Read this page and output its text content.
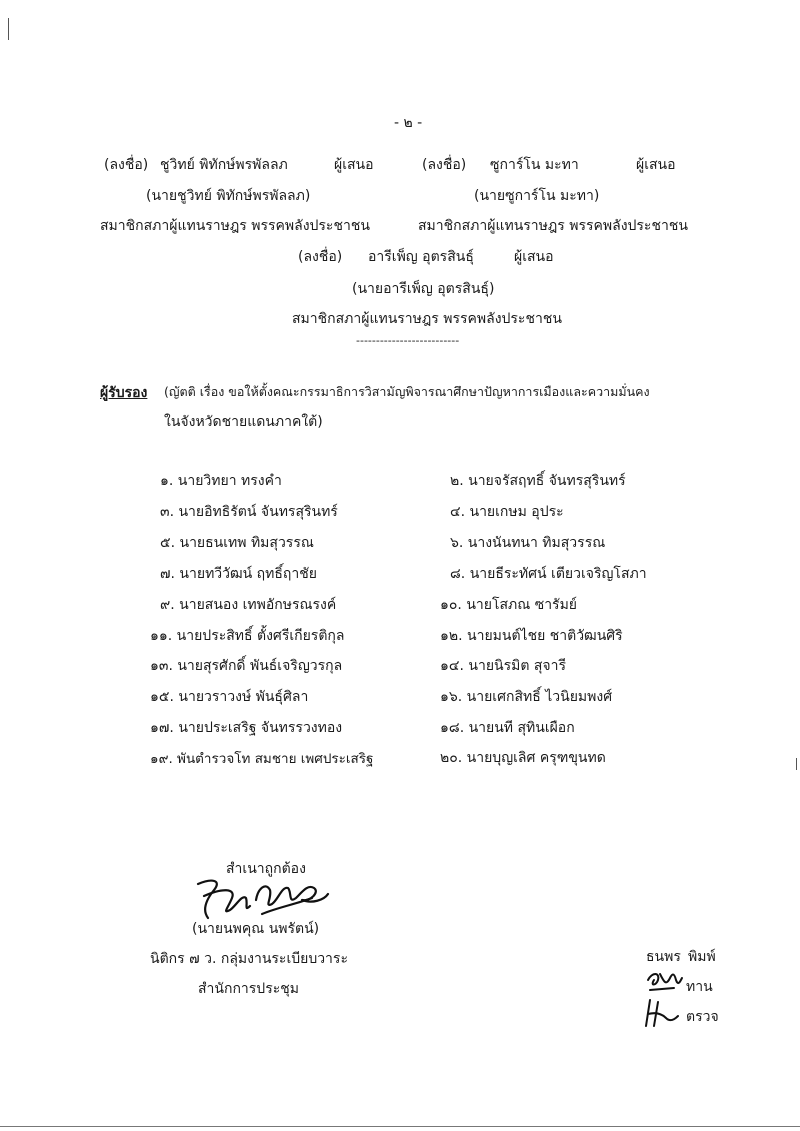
- ๒ -
(ลงชื่อ) ชูวิทย์ พิทักษ์พรพัลลภ	ผู้เสนอ	(ลงชื่อ) ซูการ์โน มะทา	ผู้เสนอ
(นายชูวิทย์ พิทักษ์พรพัลลภ)	(นายซูการ์โน มะทา)
สมาชิกสภาผู้แทนราษฎร พรรคพลังประชาชน	สมาชิกสภาผู้แทนราษฎร พรรคพลังประชาชน
(ลงชื่อ) อารีเพ็ญ อุตรสินธุ์	ผู้เสนอ
(นายอารีเพ็ญ อุตรสินธุ์)
สมาชิกสภาผู้แทนราษฎร พรรคพลังประชาชน
--------------------------
ผู้รับรอง (ญัตติ เรื่อง ขอให้ตั้งคณะกรรมาธิการวิสามัญพิจารณาศึกษาปัญหาการเมืองและความมั่นคง
ในจังหวัดชายแดนภาคใต้)
๑. นายวิทยา ทรงคำ
๓. นายอิทธิรัตน์ จันทรสุรินทร์
๕. นายธนเทพ ทิมสุวรรณ
๗. นายทวีวัฒน์ ฤทธิ์ฤาชัย
๙. นายสนอง เทพอักษรณรงค์
๑๑. นายประสิทธิ์ ตั้งศรีเกียรติกุล
๑๓. นายสุรศักดิ์ พันธ์เจริญวรกุล
๑๕. นายวราวงษ์ พันธุ์ศิลา
๑๗. นายประเสริฐ จันทรรวงทอง
๑๙. พันตำรวจโท สมชาย เพศประเสริฐ
๒. นายจรัสฤทธิ์ จันทรสุรินทร์
๔. นายเกษม อุประ
๖. นางนันทนา ทิมสุวรรณ
๘. นายธีระทัศน์ เตียวเจริญโสภา
๑๐. นายโสภณ ซารัมย์
๑๒. นายมนต์ไชย ชาติวัฒนศิริ
๑๔. นายนิรมิต สุจารี
๑๖. นายเศกสิทธิ์ ไวนิยมพงศ์
๑๘. นายนที สุทินเผือก
๒๐. นายบุญเลิศ ครุฑขุนทด
สำเนาถูกต้อง
(นายนพคุณ นพรัตน์)
นิติกร ๗ ว. กลุ่มงานระเบียบวาระ
สำนักการประชุม
ธนพร พิมพ์
ทาน
ตรวจ
